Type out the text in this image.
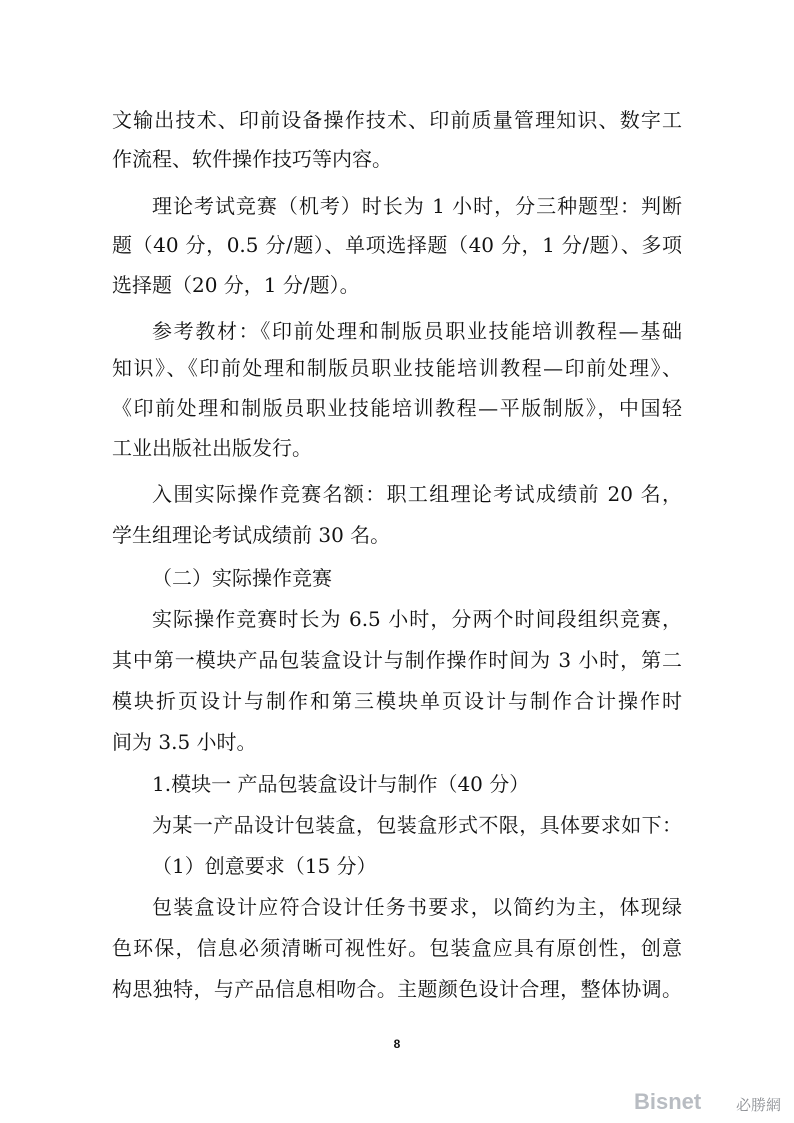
文输出技术、印前设备操作技术、印前质量管理知识、数字工
作流程、软件操作技巧等内容。
理论考试竞赛（机考）时长为 1 小时，分三种题型：判断
题（40 分，0.5 分/题）、单项选择题（40 分，1 分/题）、多项
选择题（20 分，1 分/题）。
参考教材：《印前处理和制版员职业技能培训教程—基础
知识》、《印前处理和制版员职业技能培训教程—印前处理》、
《印前处理和制版员职业技能培训教程—平版制版》，中国轻
工业出版社出版发行。
入围实际操作竞赛名额：职工组理论考试成绩前 20 名，
学生组理论考试成绩前 30 名。
（二）实际操作竞赛
实际操作竞赛时长为 6.5 小时，分两个时间段组织竞赛，
其中第一模块产品包装盒设计与制作操作时间为 3 小时，第二
模块折页设计与制作和第三模块单页设计与制作合计操作时
间为 3.5 小时。
1.模块一 产品包装盒设计与制作（40 分）
为某一产品设计包装盒，包装盒形式不限，具体要求如下：
（1）创意要求（15 分）
包装盒设计应符合设计任务书要求，以简约为主，体现绿
色环保，信息必须清晰可视性好。包装盒应具有原创性，创意
构思独特，与产品信息相吻合。主题颜色设计合理，整体协调。
8
Bisnet 必勝網
